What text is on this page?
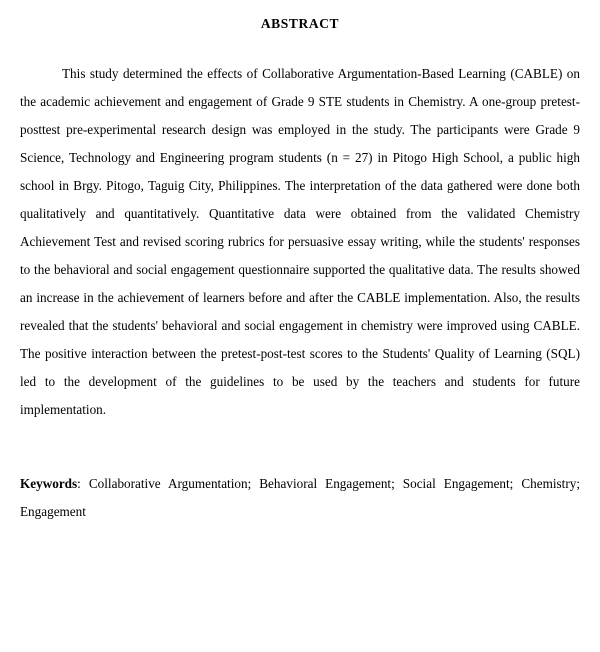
ABSTRACT

This study determined the effects of Collaborative Argumentation-Based Learning (CABLE) on the academic achievement and engagement of Grade 9 STE students in Chemistry. A one-group pretest-posttest pre-experimental research design was employed in the study. The participants were Grade 9 Science, Technology and Engineering program students (n = 27) in Pitogo High School, a public high school in Brgy. Pitogo, Taguig City, Philippines. The interpretation of the data gathered were done both qualitatively and quantitatively. Quantitative data were obtained from the validated Chemistry Achievement Test and revised scoring rubrics for persuasive essay writing, while the students' responses to the behavioral and social engagement questionnaire supported the qualitative data. The results showed an increase in the achievement of learners before and after the CABLE implementation. Also, the results revealed that the students' behavioral and social engagement in chemistry were improved using CABLE. The positive interaction between the pretest-post-test scores to the Students' Quality of Learning (SQL) led to the development of the guidelines to be used by the teachers and students for future implementation.

Keywords: Collaborative Argumentation; Behavioral Engagement; Social Engagement; Chemistry; Engagement
